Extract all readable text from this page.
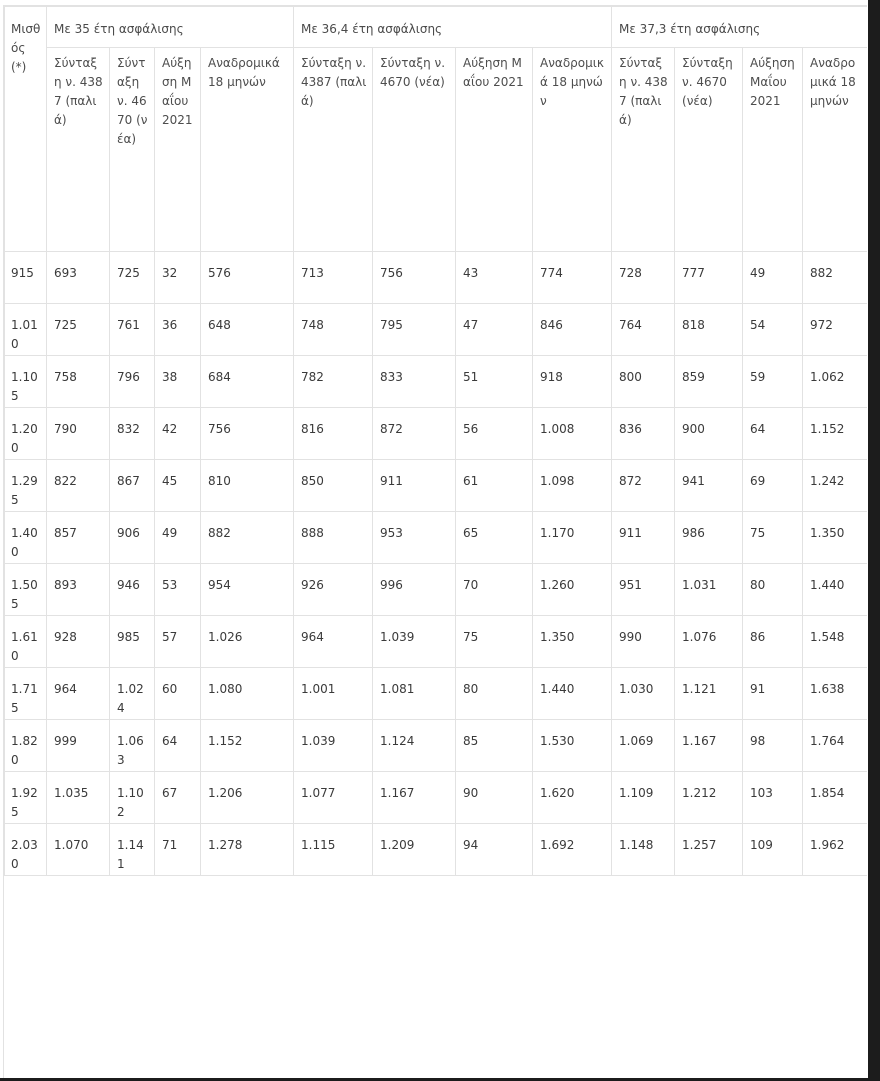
Μισθός (*)	Με 35 έτη ασφάλισης				Με 36,4 έτη ασφάλισης				Με 37,3 έτη ασφάλισης			
	Σύνταξη ν. 4387 (παλιά)	Σύνταξη ν. 4670 (νέα)	Αύξηση Μαΐου 2021	Αναδρομικά 18 μηνών	Σύνταξη ν. 4387 (παλιά)	Σύνταξη ν. 4670 (νέα)	Αύξηση Μαΐου 2021	Αναδρομικά 18 μηνών	Σύνταξη ν. 4387 (παλιά)	Σύνταξη ν. 4670 (νέα)	Αύξηση Μαΐου 2021	Αναδρομικά 18 μηνών
915	693	725	32	576	713	756	43	774	728	777	49	882
1.010	725	761	36	648	748	795	47	846	764	818	54	972
1.105	758	796	38	684	782	833	51	918	800	859	59	1.062
1.200	790	832	42	756	816	872	56	1.008	836	900	64	1.152
1.295	822	867	45	810	850	911	61	1.098	872	941	69	1.242
1.400	857	906	49	882	888	953	65	1.170	911	986	75	1.350
1.505	893	946	53	954	926	996	70	1.260	951	1.031	80	1.440
1.610	928	985	57	1.026	964	1.039	75	1.350	990	1.076	86	1.548
1.715	964	1.024	60	1.080	1.001	1.081	80	1.440	1.030	1.121	91	1.638
1.820	999	1.063	64	1.152	1.039	1.124	85	1.530	1.069	1.167	98	1.764
1.925	1.035	1.102	67	1.206	1.077	1.167	90	1.620	1.109	1.212	103	1.854
2.030	1.070	1.141	71	1.278	1.115	1.209	94	1.692	1.148	1.257	109	1.962
